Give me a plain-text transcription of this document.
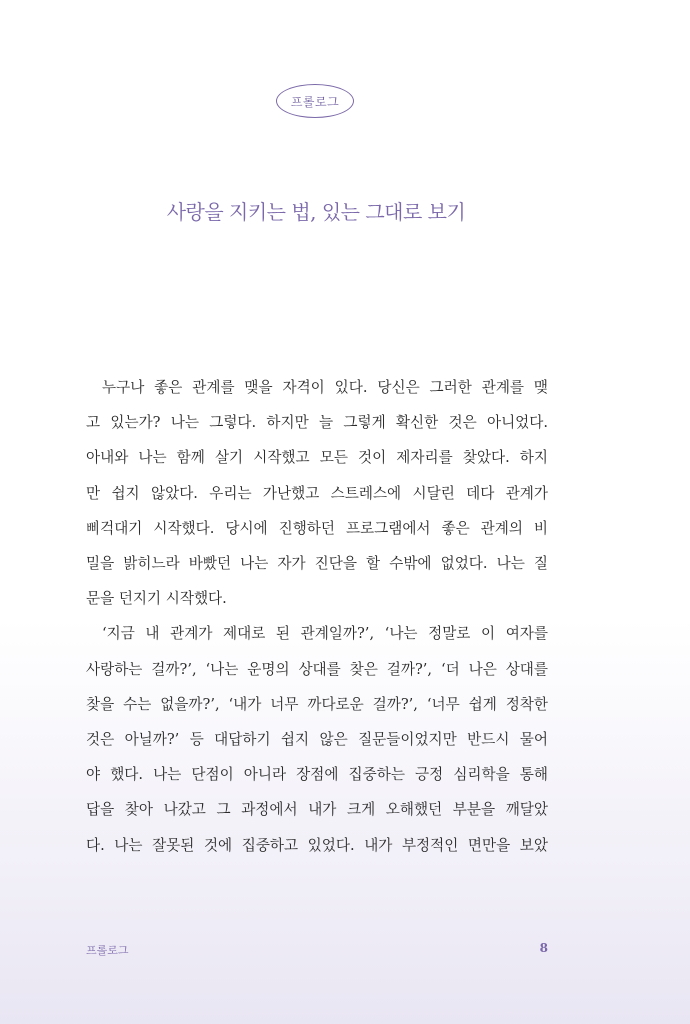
프롤로그
사랑을 지키는 법, 있는 그대로 보기
누구나 좋은 관계를 맺을 자격이 있다. 당신은 그러한 관계를 맺
고 있는가? 나는 그렇다. 하지만 늘 그렇게 확신한 것은 아니었다.
아내와 나는 함께 살기 시작했고 모든 것이 제자리를 찾았다. 하지
만 쉽지 않았다. 우리는 가난했고 스트레스에 시달린 데다 관계가
삐걱대기 시작했다. 당시에 진행하던 프로그램에서 좋은 관계의 비
밀을 밝히느라 바빴던 나는 자가 진단을 할 수밖에 없었다. 나는 질
문을 던지기 시작했다.
‘지금 내 관계가 제대로 된 관계일까?’, ‘나는 정말로 이 여자를
사랑하는 걸까?’, ‘나는 운명의 상대를 찾은 걸까?’, ‘더 나은 상대를
찾을 수는 없을까?’, ‘내가 너무 까다로운 걸까?’, ‘너무 쉽게 정착한
것은 아닐까?’ 등 대답하기 쉽지 않은 질문들이었지만 반드시 물어
야 했다. 나는 단점이 아니라 장점에 집중하는 긍정 심리학을 통해
답을 찾아 나갔고 그 과정에서 내가 크게 오해했던 부분을 깨달았
다. 나는 잘못된 것에 집중하고 있었다. 내가 부정적인 면만을 보았
프롤로그	8
